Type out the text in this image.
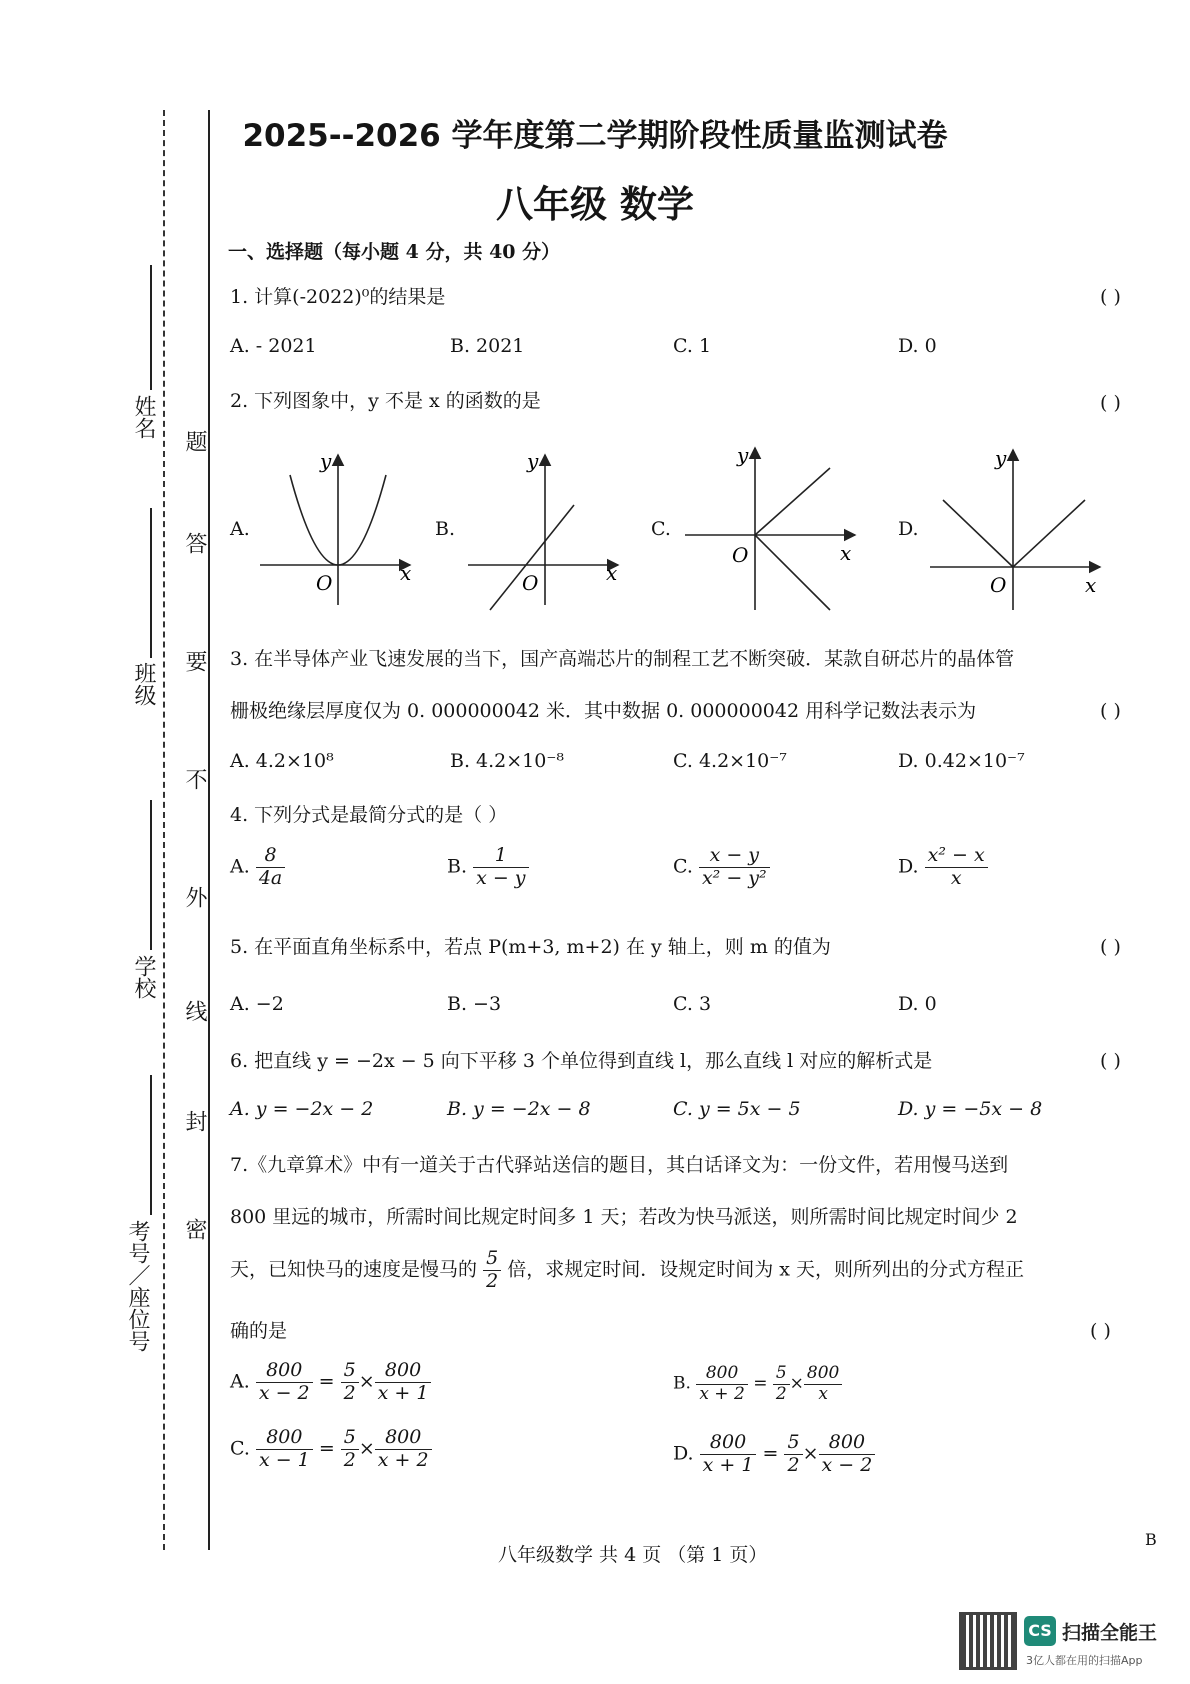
姓名
班级
学校
考号／座位号
题
答
要
不
外
线
封
密
2025--2026 学年度第二学期阶段性质量监测试卷
八年级 数学
一、选择题（每小题 4 分，共 40 分）
1. 计算(-2022)⁰的结果是	( )
A. - 2021	B. 2021	C. 1	D. 0
2. 下列图象中，y 不是 x 的函数的是	( )
A.	B.	C.	D.
O	x
y
O	x
y
O	x
y
O	x
y
3. 在半导体产业飞速发展的当下，国产高端芯片的制程工艺不断突破．某款自研芯片的晶体管
栅极绝缘层厚度仅为 0. 000000042 米．其中数据 0. 000000042 用科学记数法表示为	( )
A. 4.2×10⁸	B. 4.2×10⁻⁸	C. 4.2×10⁻⁷	D. 0.42×10⁻⁷
4. 下列分式是最简分式的是（ ）
A. $\frac{8}{4a}$	B. $\frac{1}{x - y}$	C. $\frac{x - y}{\text{x² − y²}}$	D. $\frac{\text{x² − x}}{x}$
5. 在平面直角坐标系中，若点 P(m+3, m+2) 在 y 轴上，则 m 的值为	( )
A. −2	B. −3	C. 3	D. 0
6. 把直线 y = −2x − 5 向下平移 3 个单位得到直线 l，那么直线 l 对应的解析式是	( )
A. y = −2x − 2	B. y = −2x − 8	C. y = 5x − 5	D. y = −5x − 8
7.《九章算术》中有一道关于古代驿站送信的题目，其白话译文为：一份文件，若用慢马送到
800 里远的城市，所需时间比规定时间多 1 天；若改为快马派送，则所需时间比规定时间少 2
天，已知快马的速度是慢马的 $\frac{5}{2}$ 倍，求规定时间．设规定时间为 x 天，则所列出的分式方程正
确的是	( )
A. $\frac{800}{x - 2} = \frac{5}{2} \times \frac{800}{x + 1}$	B. $\frac{800}{x + 2} = \frac{5}{2} \times \frac{800}{x}$
C. $\frac{800}{x - 1} = \frac{5}{2} \times \frac{800}{x + 2}$	D. $\frac{800}{x + 1} = \frac{5}{2} \times \frac{800}{x - 2}$
八年级数学 共 4 页 （第 1 页）
B
CS 扫描全能王
3亿人都在用的扫描App
